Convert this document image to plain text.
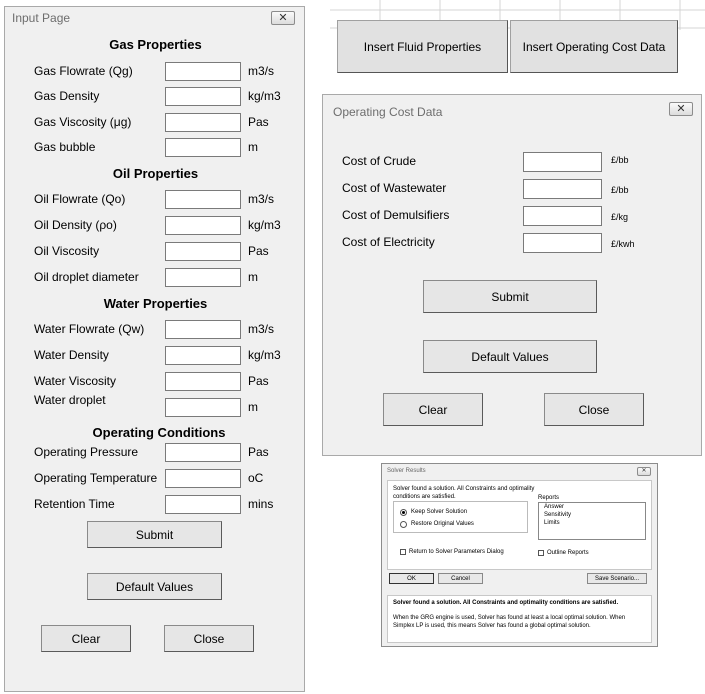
Input Page	✕
Gas Properties
Gas Flowrate (Qg)	m3/s
Gas Density	kg/m3
Gas Viscosity (μg)	Pas
Gas bubble	m
Oil Properties
Oil Flowrate (Qo)	m3/s
Oil Density (ρo)	kg/m3
Oil Viscosity	Pas
Oil droplet diameter	m
Water Properties
Water Flowrate (Qw)	m3/s
Water Density	kg/m3
Water Viscosity	Pas
Water droplet	m
Operating Conditions
Operating Pressure	Pas
Operating Temperature	oC
Retention Time	mins
Submit
Default Values
Clear	Close
Insert Fluid Properties	Insert Operating Cost Data
Operating Cost Data	✕
Cost of Crude	£/bb
Cost of Wastewater	£/bb
Cost of Demulsifiers	£/kg
Cost of Electricity	£/kwh
Submit
Default Values
Clear	Close
Solver Results	✕
Solver found a solution. All Constraints and optimality conditions are satisfied.
Keep Solver Solution
Restore Original Values
Reports
Answer
Sensitivity
Limits
Return to Solver Parameters Dialog	Outline Reports
OK	Cancel	Save Scenario...
Solver found a solution. All Constraints and optimality conditions are satisfied.
When the GRG engine is used, Solver has found at least a local optimal solution. When Simplex LP is used, this means Solver has found a global optimal solution.
